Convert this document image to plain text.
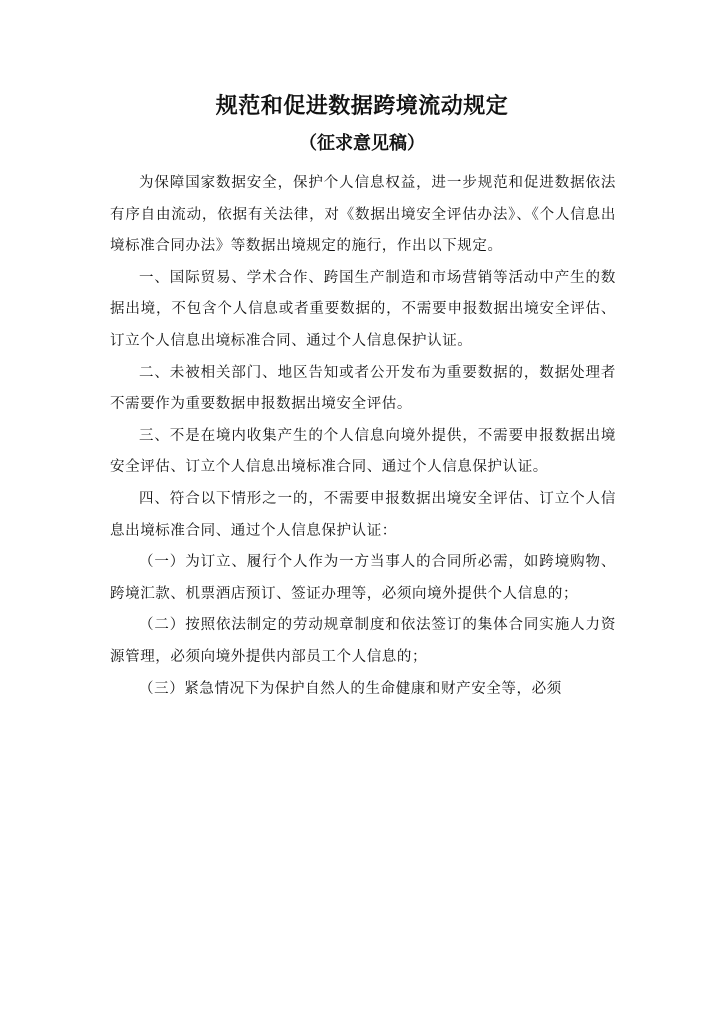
规范和促进数据跨境流动规定
（征求意见稿）

为保障国家数据安全，保护个人信息权益，进一步规范和促进数据依法有序自由流动，依据有关法律，对《数据出境安全评估办法》、《个人信息出境标准合同办法》等数据出境规定的施行，作出以下规定。

一、国际贸易、学术合作、跨国生产制造和市场营销等活动中产生的数据出境，不包含个人信息或者重要数据的，不需要申报数据出境安全评估、订立个人信息出境标准合同、通过个人信息保护认证。

二、未被相关部门、地区告知或者公开发布为重要数据的，数据处理者不需要作为重要数据申报数据出境安全评估。

三、不是在境内收集产生的个人信息向境外提供，不需要申报数据出境安全评估、订立个人信息出境标准合同、通过个人信息保护认证。

四、符合以下情形之一的，不需要申报数据出境安全评估、订立个人信息出境标准合同、通过个人信息保护认证：

（一）为订立、履行个人作为一方当事人的合同所必需，如跨境购物、跨境汇款、机票酒店预订、签证办理等，必须向境外提供个人信息的；

（二）按照依法制定的劳动规章制度和依法签订的集体合同实施人力资源管理，必须向境外提供内部员工个人信息的；

（三）紧急情况下为保护自然人的生命健康和财产安全等，必须
